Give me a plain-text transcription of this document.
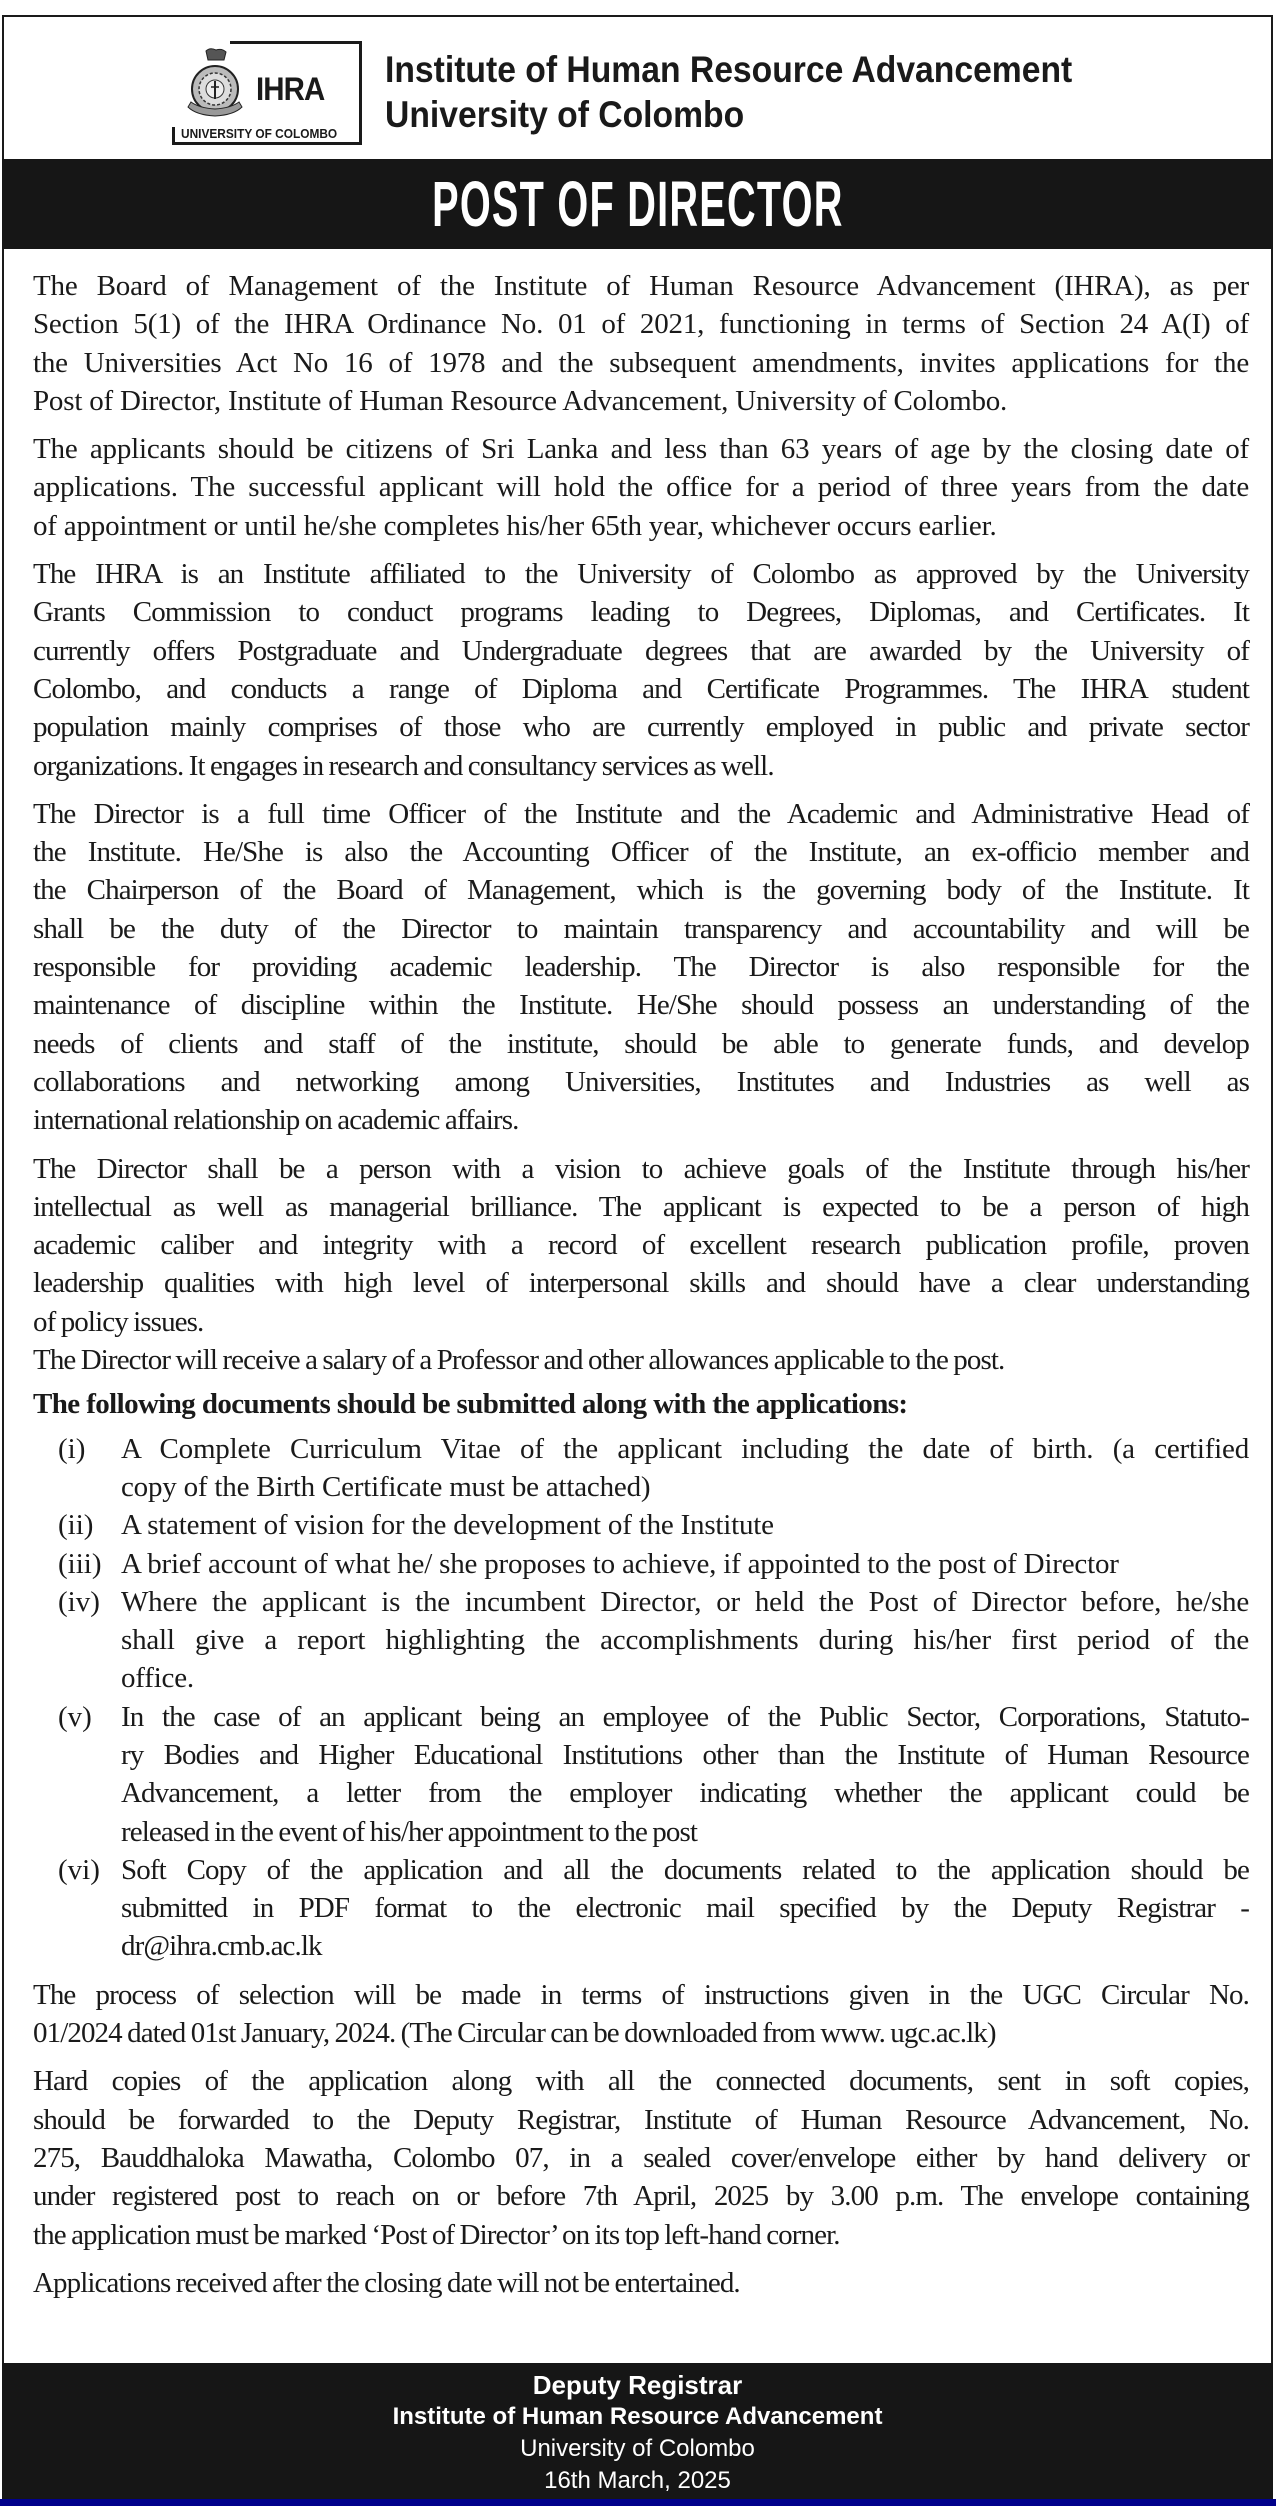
IHRA
UNIVERSITY OF COLOMBO
Institute of Human Resource Advancement
University of Colombo
POST OF DIRECTOR
The Board of Management of the Institute of Human Resource Advancement (IHRA), as per
Section 5(1) of the IHRA Ordinance No. 01 of 2021, functioning in terms of Section 24 A(I) of
the Universities Act No 16 of 1978 and the subsequent amendments, invites applications for the
Post of Director, Institute of Human Resource Advancement, University of Colombo.
The applicants should be citizens of Sri Lanka and less than 63 years of age by the closing date of
applications. The successful applicant will hold the office for a period of three years from the date
of appointment or until he/she completes his/her 65th year, whichever occurs earlier.
The IHRA is an Institute affiliated to the University of Colombo as approved by the University
Grants Commission to conduct programs leading to Degrees, Diplomas, and Certificates. It
currently offers Postgraduate and Undergraduate degrees that are awarded by the University of
Colombo, and conducts a range of Diploma and Certificate Programmes. The IHRA student
population mainly comprises of those who are currently employed in public and private sector
organizations. It engages in research and consultancy services as well.
The Director is a full time Officer of the Institute and the Academic and Administrative Head of
the Institute. He/She is also the Accounting Officer of the Institute, an ex-officio member and
the Chairperson of the Board of Management, which is the governing body of the Institute. It
shall be the duty of the Director to maintain transparency and accountability and will be
responsible for providing academic leadership. The Director is also responsible for the
maintenance of discipline within the Institute. He/She should possess an understanding of the
needs of clients and staff of the institute, should be able to generate funds, and develop
collaborations and networking among Universities, Institutes and Industries as well as
international relationship on academic affairs.
The Director shall be a person with a vision to achieve goals of the Institute through his/her
intellectual as well as managerial brilliance. The applicant is expected to be a person of high
academic caliber and integrity with a record of excellent research publication profile, proven
leadership qualities with high level of interpersonal skills and should have a clear understanding
of policy issues.
The Director will receive a salary of a Professor and other allowances applicable to the post.
The following documents should be submitted along with the applications:
(i) A Complete Curriculum Vitae of the applicant including the date of birth. (a certified
copy of the Birth Certificate must be attached)
(ii) A statement of vision for the development of the Institute
(iii) A brief account of what he/ she proposes to achieve, if appointed to the post of Director
(iv) Where the applicant is the incumbent Director, or held the Post of Director before, he/she
shall give a report highlighting the accomplishments during his/her first period of the
office.
(v) In the case of an applicant being an employee of the Public Sector, Corporations, Statuto-
ry Bodies and Higher Educational Institutions other than the Institute of Human Resource
Advancement, a letter from the employer indicating whether the applicant could be
released in the event of his/her appointment to the post
(vi) Soft Copy of the application and all the documents related to the application should be
submitted in PDF format to the electronic mail specified by the Deputy Registrar -
dr@ihra.cmb.ac.lk
The process of selection will be made in terms of instructions given in the UGC Circular No.
01/2024 dated 01st January, 2024. (The Circular can be downloaded from www. ugc.ac.lk)
Hard copies of the application along with all the connected documents, sent in soft copies,
should be forwarded to the Deputy Registrar, Institute of Human Resource Advancement, No.
275, Bauddhaloka Mawatha, Colombo 07, in a sealed cover/envelope either by hand delivery or
under registered post to reach on or before 7th April, 2025 by 3.00 p.m. The envelope containing
the application must be marked ‘Post of Director’ on its top left-hand corner.
Applications received after the closing date will not be entertained.
Deputy Registrar
Institute of Human Resource Advancement
University of Colombo
16th March, 2025
